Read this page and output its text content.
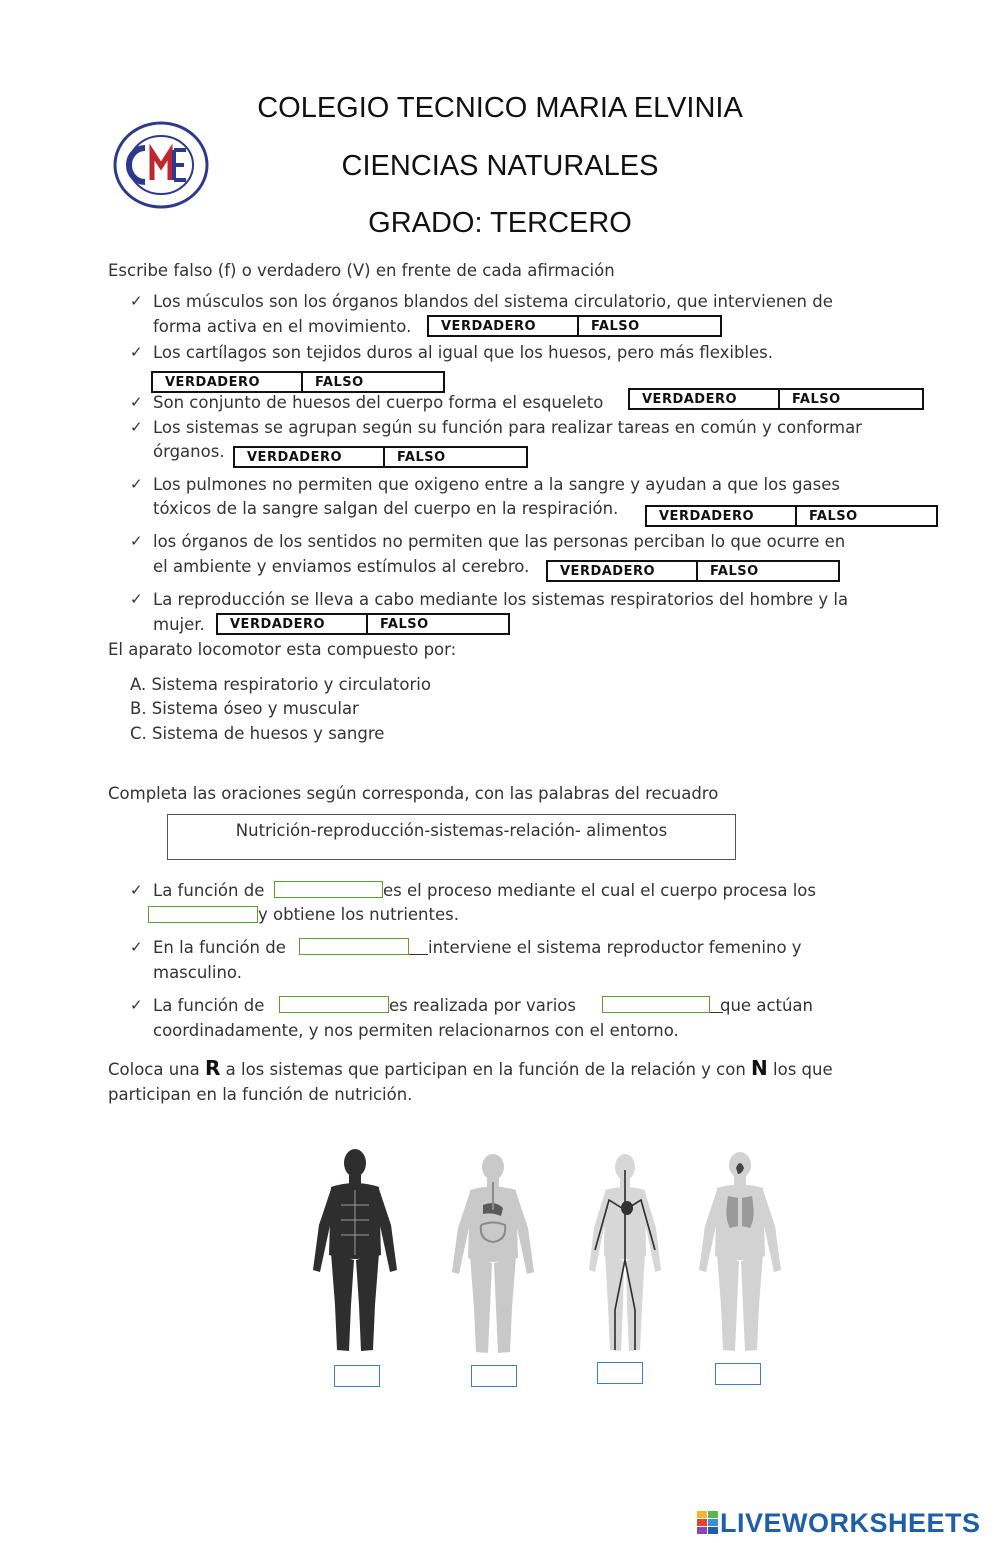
COLEGIO TECNICO MARIA ELVINIA
CIENCIAS NATURALES
GRADO: TERCERO
Escribe falso (f) o verdadero (V) en frente de cada afirmación
✓ Los músculos son los órganos blandos del sistema circulatorio, que intervienen de
forma activa en el movimiento.	VERDADERO	FALSO
✓ Los cartílagos son tejidos duros al igual que los huesos, pero más flexibles.
VERDADERO	FALSO
✓ Son conjunto de huesos del cuerpo forma el esqueleto	VERDADERO	FALSO
✓ Los sistemas se agrupan según su función para realizar tareas en común y conformar
órganos.	VERDADERO	FALSO
✓ Los pulmones no permiten que oxigeno entre a la sangre y ayudan a que los gases
tóxicos de la sangre salgan del cuerpo en la respiración.	VERDADERO	FALSO
✓ los órganos de los sentidos no permiten que las personas perciban lo que ocurre en
el ambiente y enviamos estímulos al cerebro.	VERDADERO	FALSO
✓ La reproducción se lleva a cabo mediante los sistemas respiratorios del hombre y la
mujer.	VERDADERO	FALSO
El aparato locomotor esta compuesto por:
A. Sistema respiratorio y circulatorio
B. Sistema óseo y muscular
C. Sistema de huesos y sangre
Completa las oraciones según corresponda, con las palabras del recuadro
Nutrición-reproducción-sistemas-relación- alimentos
✓ La función de	es el proceso mediante el cual el cuerpo procesa los
y obtiene los nutrientes.
✓ En la función de	interviene el sistema reproductor femenino y
masculino.
✓ La función de	es realizada por varios	que actúan
coordinadamente, y nos permiten relacionarnos con el entorno.
Coloca una R a los sistemas que participan en la función de la relación y con N los que
participan en la función de nutrición.
LIVEWORKSHEETS
